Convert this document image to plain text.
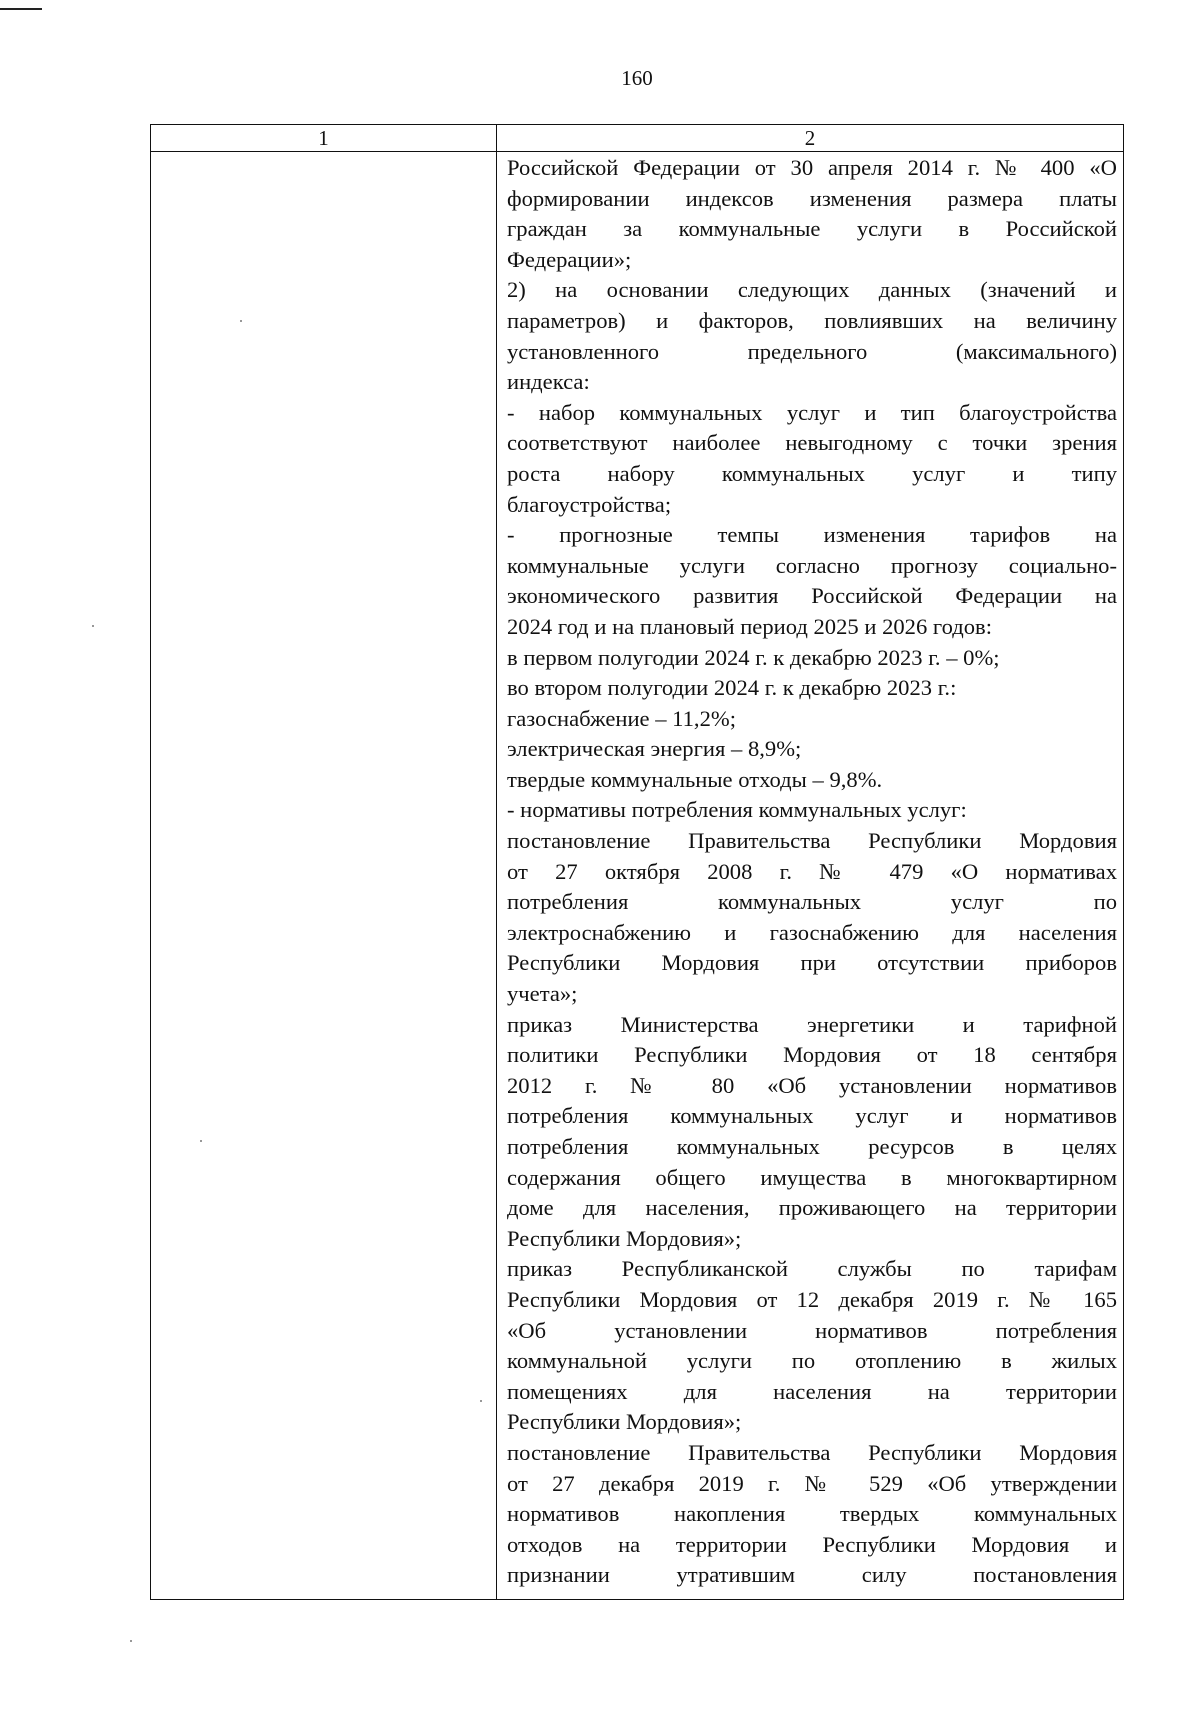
160
1	2
Российской Федерации от 30 апреля 2014 г. № 400 «О
формировании индексов изменения размера платы
граждан за коммунальные услуги в Российской
Федерации»;
2) на основании следующих данных (значений и
параметров) и факторов, повлиявших на величину
установленного предельного (максимального)
индекса:
- набор коммунальных услуг и тип благоустройства
соответствуют наиболее невыгодному с точки зрения
роста набору коммунальных услуг и типу
благоустройства;
- прогнозные темпы изменения тарифов на
коммунальные услуги согласно прогнозу социально-
экономического развития Российской Федерации на
2024 год и на плановый период 2025 и 2026 годов:
в первом полугодии 2024 г. к декабрю 2023 г. – 0%;
во втором полугодии 2024 г. к декабрю 2023 г.:
газоснабжение – 11,2%;
электрическая энергия – 8,9%;
твердые коммунальные отходы – 9,8%.
- нормативы потребления коммунальных услуг:
постановление Правительства Республики Мордовия
от 27 октября 2008 г. № 479 «О нормативах
потребления коммунальных услуг по
электроснабжению и газоснабжению для населения
Республики Мордовия при отсутствии приборов
учета»;
приказ Министерства энергетики и тарифной
политики Республики Мордовия от 18 сентября
2012 г. № 80 «Об установлении нормативов
потребления коммунальных услуг и нормативов
потребления коммунальных ресурсов в целях
содержания общего имущества в многоквартирном
доме для населения, проживающего на территории
Республики Мордовия»;
приказ Республиканской службы по тарифам
Республики Мордовия от 12 декабря 2019 г. № 165
«Об установлении нормативов потребления
коммунальной услуги по отоплению в жилых
помещениях для населения на территории
Республики Мордовия»;
постановление Правительства Республики Мордовия
от 27 декабря 2019 г. № 529 «Об утверждении
нормативов накопления твердых коммунальных
отходов на территории Республики Мордовия и
признании утратившим силу постановления
